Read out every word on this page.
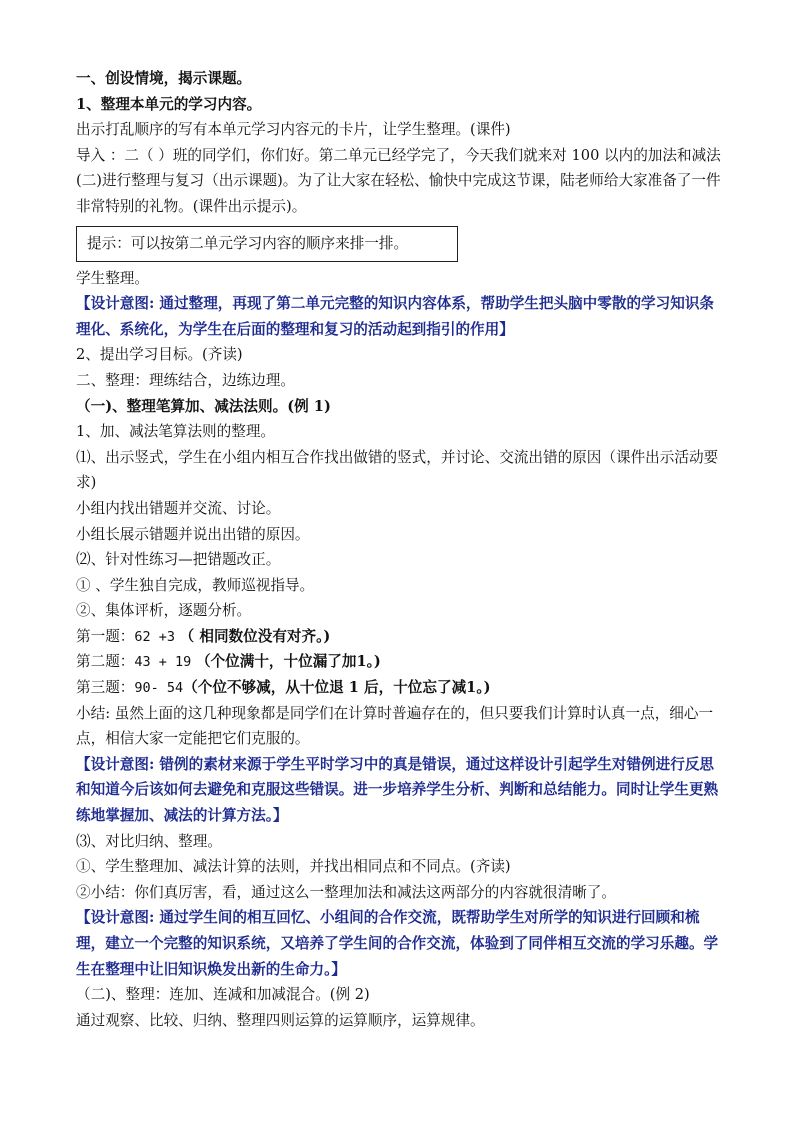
一、创设情境，揭示课题。
1、整理本单元的学习内容。
出示打乱顺序的写有本单元学习内容元的卡片，让学生整理。(课件)
导入 ：二（ ）班的同学们，你们好。第二单元已经学完了，今天我们就来对 100 以内的加法和减法(二)进行整理与复习（出示课题)。为了让大家在轻松、愉快中完成这节课，陆老师给大家准备了一件非常特别的礼物。(课件出示提示)。
提示：可以按第二单元学习内容的顺序来排一排。
学生整理。
【设计意图: 通过整理，再现了第二单元完整的知识内容体系，帮助学生把头脑中零散的学习知识条理化、系统化，为学生在后面的整理和复习的活动起到指引的作用】
2、提出学习目标。(齐读)
二、整理：理练结合，边练边理。
（一)、整理笔算加、减法法则。(例 1)
1、加、减法笔算法则的整理。
⑴、出示竖式，学生在小组内相互合作找出做错的竖式，并讨论、交流出错的原因（课件出示活动要求)
小组内找出错题并交流、讨论。
小组长展示错题并说出出错的原因。
⑵、针对性练习—把错题改正。
① 、学生独自完成，教师巡视指导。
②、集体评析，逐题分析。
第一题：62 +3 （ 相同数位没有对齐。)
第二题：43 + 19 （个位满十，十位漏了加1。)
第三题：90- 54（个位不够减，从十位退 1 后，十位忘了减1。)
小结: 虽然上面的这几种现象都是同学们在计算时普遍存在的，但只要我们计算时认真一点，细心一点，相信大家一定能把它们克服的。
【设计意图: 错例的素材来源于学生平时学习中的真是错误，通过这样设计引起学生对错例进行反思和知道今后该如何去避免和克服这些错误。进一步培养学生分析、判断和总结能力。同时让学生更熟练地掌握加、减法的计算方法。】
⑶、对比归纳、整理。
①、学生整理加、减法计算的法则，并找出相同点和不同点。(齐读)
②小结：你们真厉害，看，通过这么一整理加法和减法这两部分的内容就很清晰了。
【设计意图: 通过学生间的相互回忆、小组间的合作交流，既帮助学生对所学的知识进行回顾和梳理，建立一个完整的知识系统，又培养了学生间的合作交流，体验到了同伴相互交流的学习乐趣。学生在整理中让旧知识焕发出新的生命力。】
（二)、整理：连加、连减和加减混合。(例 2)
通过观察、比较、归纳、整理四则运算的运算顺序，运算规律。
